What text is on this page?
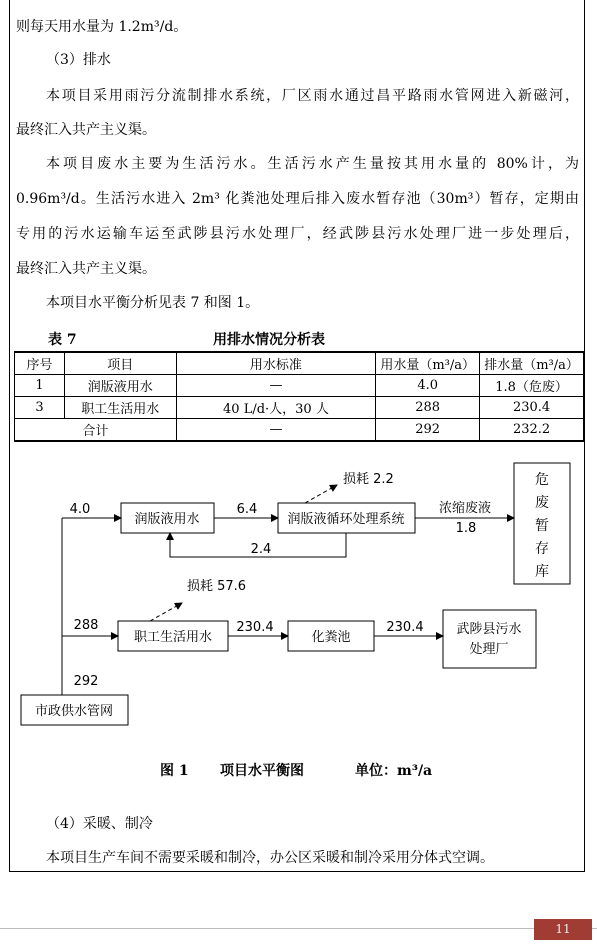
则每天用水量为 1.2m³/d。
（3）排水
本项目采用雨污分流制排水系统，厂区雨水通过昌平路雨水管网进入新磁河，
最终汇入共产主义渠。
本项目废水主要为生活污水。生活污水产生量按其用水量的 80%计，为
0.96m³/d。生活污水进入 2m³ 化粪池处理后排入废水暂存池（30m³）暂存，定期由
专用的污水运输车运至武陟县污水处理厂，经武陟县污水处理厂进一步处理后，
最终汇入共产主义渠。
本项目水平衡分析见表 7 和图 1。
表 7	用排水情况分析表
序号	项目	用水标准	用水量（m³/a）	排水量（m³/a）
1	润版液用水	—	4.0	1.8（危废）
3	职工生活用水	40 L/d·人，30 人	288	230.4
合计		—	292	232.2
润版液用水	润版液循环处理系统
危
废
暂
存
库
职工生活用水	化粪池
武陟县污水
处理厂
市政供水管网
4.0	6.4
损耗 2.2
浓缩废液
1.8
2.4
288
损耗 57.6
230.4	230.4
292
图 1 项目水平衡图	单位：m³/a
（4）采暖、制冷
本项目生产车间不需要采暖和制冷，办公区采暖和制冷采用分体式空调。
11
